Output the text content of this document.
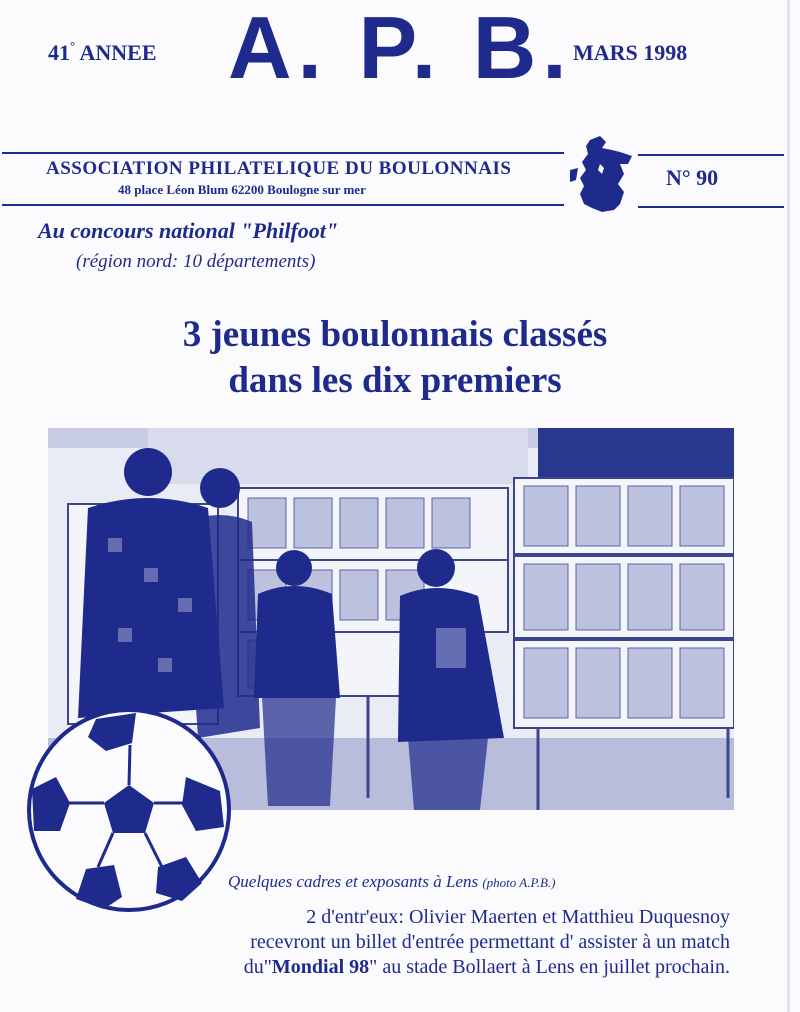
41° ANNEE A. P. B. MARS 1998
ASSOCIATION PHILATELIQUE DU BOULONNAIS
48 place Léon Blum 62200 Boulogne sur mer	N° 90
Au concours national "Philfoot"
(région nord: 10 départements)
3 jeunes boulonnais classés
dans les dix premiers
Quelques cadres et exposants à Lens (photo A.P.B.)
2 d'entr'eux: Olivier Maerten et Matthieu Duquesnoy
recevront un billet d'entrée permettant d' assister à un match
du"Mondial 98" au stade Bollaert à Lens en juillet prochain.
